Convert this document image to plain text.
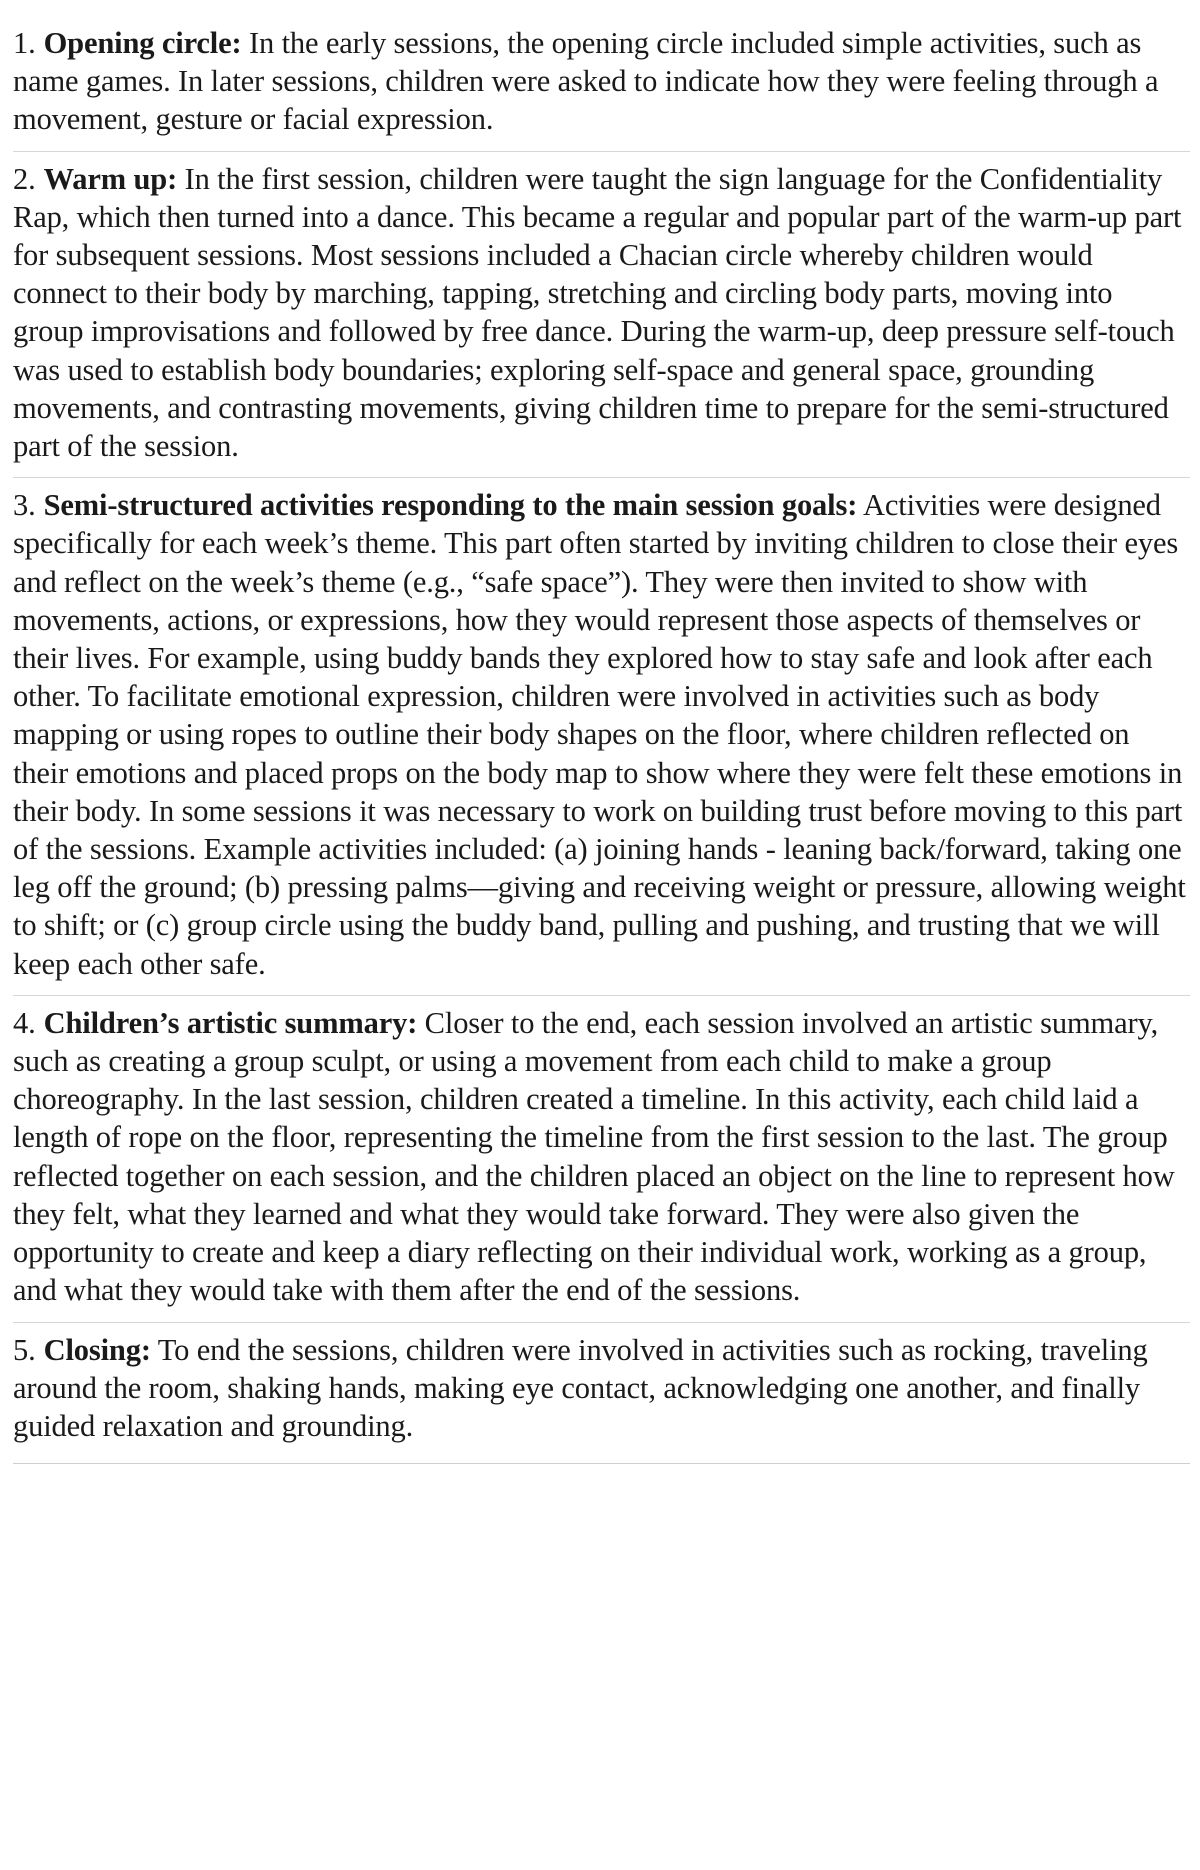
1. Opening circle: In the early sessions, the opening circle included simple activities, such as name games. In later sessions, children were asked to indicate how they were feeling through a movement, gesture or facial expression.

2. Warm up: In the first session, children were taught the sign language for the Confidentiality Rap, which then turned into a dance. This became a regular and popular part of the warm-up part for subsequent sessions. Most sessions included a Chacian circle whereby children would connect to their body by marching, tapping, stretching and circling body parts, moving into group improvisations and followed by free dance. During the warm-up, deep pressure self-touch was used to establish body boundaries; exploring self-space and general space, grounding movements, and contrasting movements, giving children time to prepare for the semi-structured part of the session.

3. Semi-structured activities responding to the main session goals: Activities were designed specifically for each week’s theme. This part often started by inviting children to close their eyes and reflect on the week’s theme (e.g., “safe space”). They were then invited to show with movements, actions, or expressions, how they would represent those aspects of themselves or their lives. For example, using buddy bands they explored how to stay safe and look after each other. To facilitate emotional expression, children were involved in activities such as body mapping or using ropes to outline their body shapes on the floor, where children reflected on their emotions and placed props on the body map to show where they were felt these emotions in their body. In some sessions it was necessary to work on building trust before moving to this part of the sessions. Example activities included: (a) joining hands - leaning back/forward, taking one leg off the ground; (b) pressing palms—giving and receiving weight or pressure, allowing weight to shift; or (c) group circle using the buddy band, pulling and pushing, and trusting that we will keep each other safe.

4. Children’s artistic summary: Closer to the end, each session involved an artistic summary, such as creating a group sculpt, or using a movement from each child to make a group choreography. In the last session, children created a timeline. In this activity, each child laid a length of rope on the floor, representing the timeline from the first session to the last. The group reflected together on each session, and the children placed an object on the line to represent how they felt, what they learned and what they would take forward. They were also given the opportunity to create and keep a diary reflecting on their individual work, working as a group, and what they would take with them after the end of the sessions.

5. Closing: To end the sessions, children were involved in activities such as rocking, traveling around the room, shaking hands, making eye contact, acknowledging one another, and finally guided relaxation and grounding.
